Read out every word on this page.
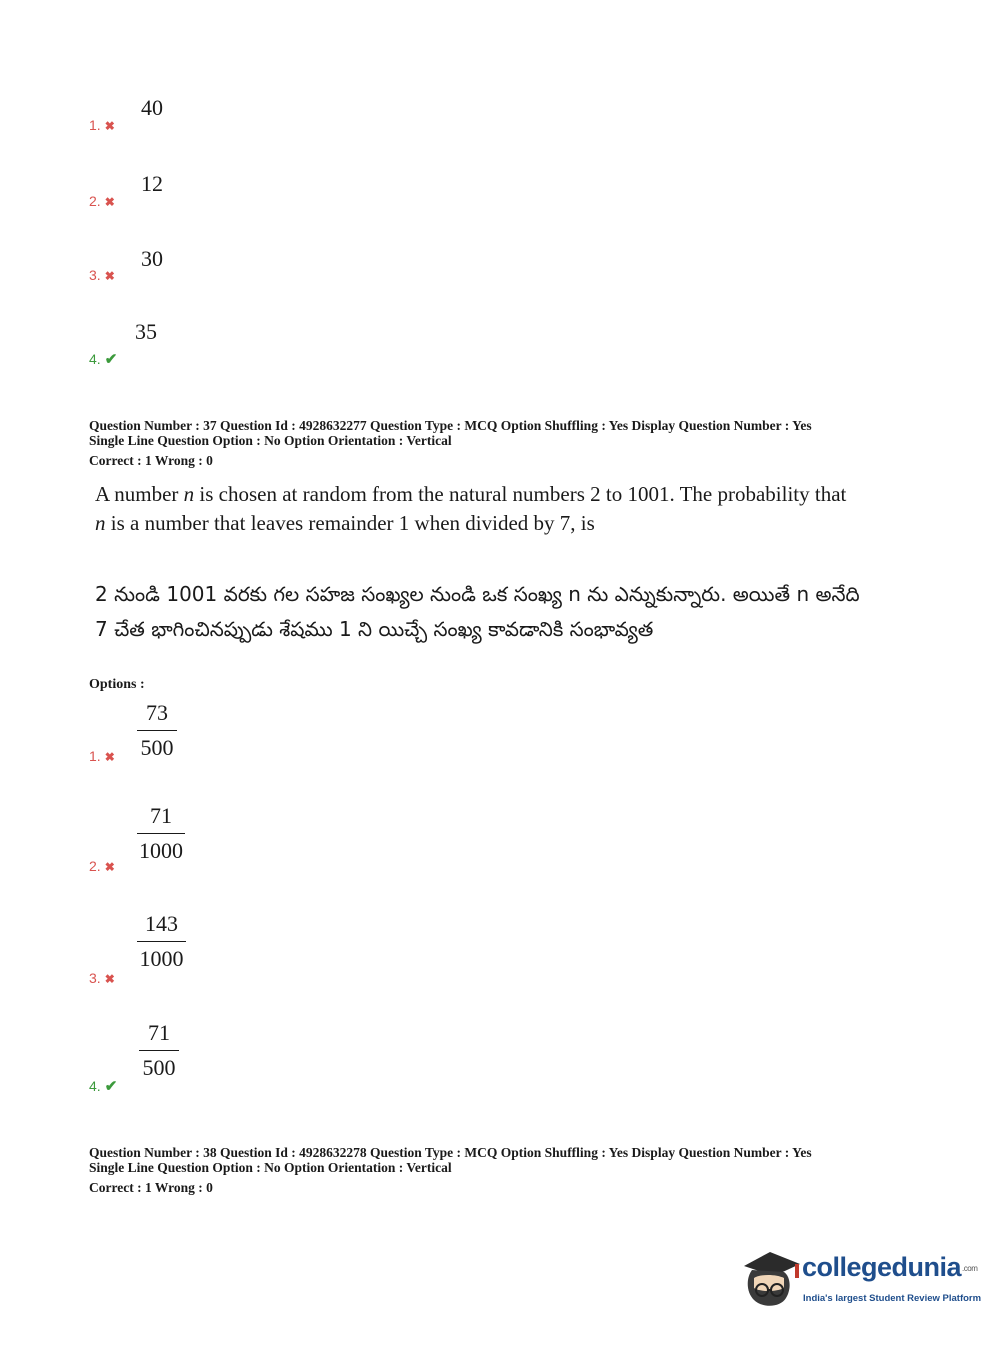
40
1. ✖
12
2. ✖
30
3. ✖
35
4. ✔
Question Number : 37 Question Id : 4928632277 Question Type : MCQ Option Shuffling : Yes Display Question Number : Yes
Single Line Question Option : No Option Orientation : Vertical
Correct : 1 Wrong : 0
A number n is chosen at random from the natural numbers 2 to 1001. The probability that
n is a number that leaves remainder 1 when divided by 7, is
2 నుండి 1001 వరకు గల సహజ సంఖ్యల నుండి ఒక సంఖ్య n ను ఎన్నుకున్నారు. అయితే n అనేది
7 చేత భాగించినప్పుడు శేషము 1 ని యిచ్చే సంఖ్య కావడానికి సంభావ్యత
Options :
73
500
1. ✖
71
1000
2. ✖
143
1000
3. ✖
71
500
4. ✔
Question Number : 38 Question Id : 4928632278 Question Type : MCQ Option Shuffling : Yes Display Question Number : Yes
Single Line Question Option : No Option Orientation : Vertical
Correct : 1 Wrong : 0
collegedunia.com
India's largest Student Review Platform
